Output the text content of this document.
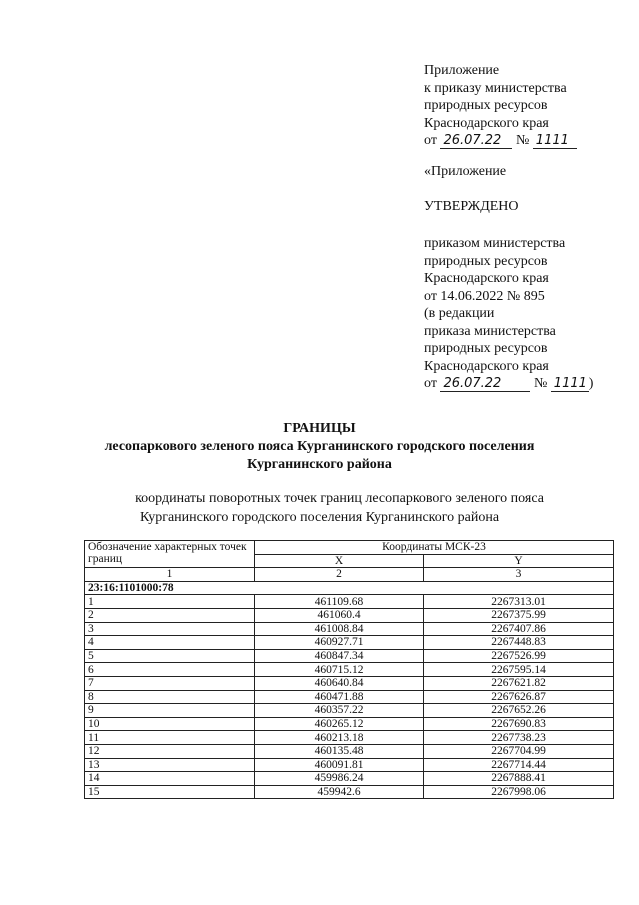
Приложение
к приказу министерства
природных ресурсов
Краснодарского края
от 26.07.22 № 1111
«Приложение
УТВЕРЖДЕНО
приказом министерства
природных ресурсов
Краснодарского края
от 14.06.2022 № 895
(в редакции
приказа министерства
природных ресурсов
Краснодарского края
от 26.07.22 № 1111 )
ГРАНИЦЫ
лесопаркового зеленого пояса Курганинского городского поселения
Курганинского района
координаты поворотных точек границ лесопаркового зеленого пояса
Курганинского городского поселения Курганинского района
Обозначение характерных точек границ	Координаты МСК-23	
	X	Y
1	2	3
23:16:1101000:78		
1	461109.68	2267313.01
2	461060.4	2267375.99
3	461008.84	2267407.86
4	460927.71	2267448.83
5	460847.34	2267526.99
6	460715.12	2267595.14
7	460640.84	2267621.82
8	460471.88	2267626.87
9	460357.22	2267652.26
10	460265.12	2267690.83
11	460213.18	2267738.23
12	460135.48	2267704.99
13	460091.81	2267714.44
14	459986.24	2267888.41
15	459942.6	2267998.06
